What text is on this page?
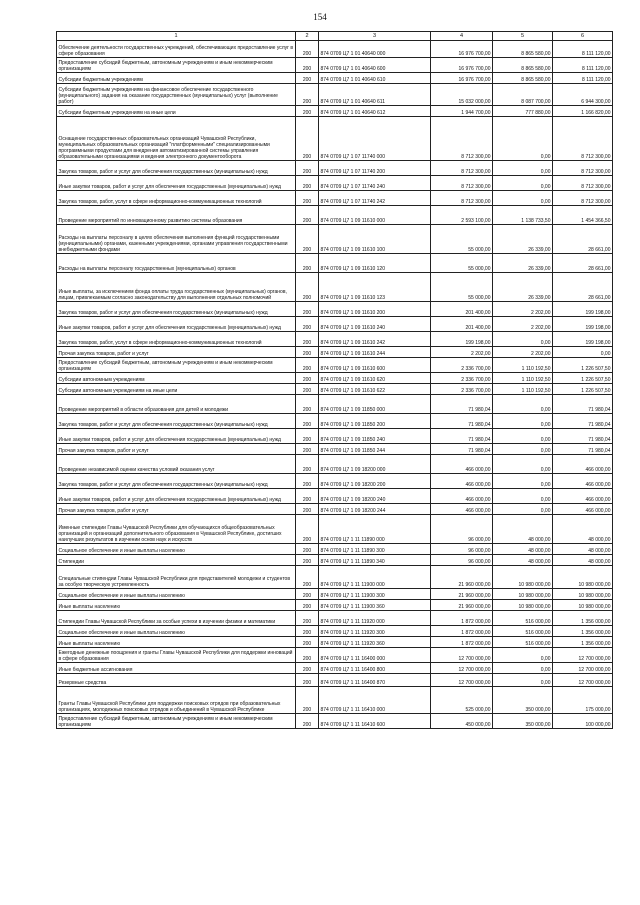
154
1	2	3	4	5	6
Обеспечение деятельности государственных учреждений, обеспечивающих предоставление услуг в сфере образования	200	874 0709 Ц7 1 01 40640 000	16 976 700,00	8 865 580,00	8 111 120,00
Предоставление субсидий бюджетным, автономным учреждениям и иным некоммерческим организациям	200	874 0709 Ц7 1 01 40640 600	16 976 700,00	8 865 580,00	8 111 120,00
Субсидии бюджетным учреждениям	200	874 0709 Ц7 1 01 40640 610	16 976 700,00	8 865 580,00	8 111 120,00
Субсидии бюджетным учреждениям на финансовое обеспечение государственного (муниципального) задания на оказание государственных (муниципальных) услуг (выполнение работ)	200	874 0709 Ц7 1 01 40640 611	15 032 000,00	8 087 700,00	6 944 300,00
Субсидии бюджетным учреждениям на иные цели	200	874 0709 Ц7 1 01 40640 612	1 944 700,00	777 880,00	1 166 820,00
Оснащение государственных образовательных организаций Чувашской Республики, муниципальных образовательных организаций "платформенными" специализированными программными продуктами для внедрения автоматизированной системы управления образовательными организациями и ведения электронного документооборота	200	874 0709 Ц7 1 07 11740 000	8 712 300,00	0,00	8 712 300,00
Закупка товаров, работ и услуг для обеспечения государственных (муниципальных) нужд	200	874 0709 Ц7 1 07 11740 200	8 712 300,00	0,00	8 712 300,00
Иные закупки товаров, работ и услуг для обеспечения государственных (муниципальных) нужд	200	874 0709 Ц7 1 07 11740 240	8 712 300,00	0,00	8 712 300,00
Закупка товаров, работ, услуг в сфере информационно-коммуникационных технологий	200	874 0709 Ц7 1 07 11740 242	8 712 300,00	0,00	8 712 300,00
Проведение мероприятий по инновационному развитию системы образования	200	874 0709 Ц7 1 09 11610 000	2 593 100,00	1 138 733,50	1 454 366,50
Расходы на выплаты персоналу в целях обеспечения выполнения функций государственными (муниципальными) органами, казенными учреждениями, органами управления государственными внебюджетными фондами	200	874 0709 Ц7 1 09 11610 100	55 000,00	26 339,00	28 661,00
Расходы на выплаты персоналу государственных (муниципальных) органов	200	874 0709 Ц7 1 09 11610 120	55 000,00	26 339,00	28 661,00
Иные выплаты, за исключением фонда оплаты труда государственных (муниципальных) органов, лицам, привлекаемым согласно законодательству для выполнения отдельных полномочий	200	874 0709 Ц7 1 09 11610 123	55 000,00	26 339,00	28 661,00
Закупка товаров, работ и услуг для обеспечения государственных (муниципальных) нужд	200	874 0709 Ц7 1 09 11610 200	201 400,00	2 202,00	199 198,00
Иные закупки товаров, работ и услуг для обеспечения государственных (муниципальных) нужд	200	874 0709 Ц7 1 09 11610 240	201 400,00	2 202,00	199 198,00
Закупка товаров, работ, услуг в сфере информационно-коммуникационных технологий	200	874 0709 Ц7 1 09 11610 242	199 198,00	0,00	199 198,00
Прочая закупка товаров, работ и услуг	200	874 0709 Ц7 1 09 11610 244	2 202,00	2 202,00	0,00
Предоставление субсидий бюджетным, автономным учреждениям и иным некоммерческим организациям	200	874 0709 Ц7 1 09 11610 600	2 336 700,00	1 110 192,50	1 226 507,50
Субсидии автономным учреждениям	200	874 0709 Ц7 1 09 11610 620	2 336 700,00	1 110 192,50	1 226 507,50
Субсидии автономным учреждениям на иные цели	200	874 0709 Ц7 1 09 11610 622	2 336 700,00	1 110 192,50	1 226 507,50
Проведение мероприятий в области образования для детей и молодежи	200	874 0709 Ц7 1 09 11850 000	71 980,04	0,00	71 980,04
Закупка товаров, работ и услуг для обеспечения государственных (муниципальных) нужд	200	874 0709 Ц7 1 09 11850 200	71 980,04	0,00	71 980,04
Иные закупки товаров, работ и услуг для обеспечения государственных (муниципальных) нужд	200	874 0709 Ц7 1 09 11850 240	71 980,04	0,00	71 980,04
Прочая закупка товаров, работ и услуг	200	874 0709 Ц7 1 09 11850 244	71 980,04	0,00	71 980,04
Проведение независимой оценки качества условий оказания услуг	200	874 0709 Ц7 1 09 18200 000	466 000,00	0,00	466 000,00
Закупка товаров, работ и услуг для обеспечения государственных (муниципальных) нужд	200	874 0709 Ц7 1 09 18200 200	466 000,00	0,00	466 000,00
Иные закупки товаров, работ и услуг для обеспечения государственных (муниципальных) нужд	200	874 0709 Ц7 1 09 18200 240	466 000,00	0,00	466 000,00
Прочая закупка товаров, работ и услуг	200	874 0709 Ц7 1 09 18200 244	466 000,00	0,00	466 000,00
Именные стипендии Главы Чувашской Республики для обучающихся общеобразовательных организаций и организаций дополнительного образования в Чувашской Республике, достигших наилучших результатов в изучении основ наук и искусств	200	874 0709 Ц7 1 11 11890 000	96 000,00	48 000,00	48 000,00
Социальное обеспечение и иные выплаты населению	200	874 0709 Ц7 1 11 11890 300	96 000,00	48 000,00	48 000,00
Стипендии	200	874 0709 Ц7 1 11 11890 340	96 000,00	48 000,00	48 000,00
Специальные стипендии Главы Чувашской Республики для представителей молодежи и студентов за особую творческую устремленность	200	874 0709 Ц7 1 11 11900 000	21 960 000,00	10 980 000,00	10 980 000,00
Социальное обеспечение и иные выплаты населению	200	874 0709 Ц7 1 11 11900 300	21 960 000,00	10 980 000,00	10 980 000,00
Иные выплаты населению	200	874 0709 Ц7 1 11 11900 360	21 960 000,00	10 980 000,00	10 980 000,00
Стипендии Главы Чувашской Республики за особые успехи в изучении физики и математики	200	874 0709 Ц7 1 11 11920 000	1 872 000,00	516 000,00	1 356 000,00
Социальное обеспечение и иные выплаты населению	200	874 0709 Ц7 1 11 11920 300	1 872 000,00	516 000,00	1 356 000,00
Иные выплаты населению	200	874 0709 Ц7 1 11 11920 360	1 872 000,00	516 000,00	1 356 000,00
Ежегодные денежные поощрения и гранты Главы Чувашской Республики для поддержки инноваций в сфере образования	200	874 0709 Ц7 1 11 16400 000	12 700 000,00	0,00	12 700 000,00
Иные бюджетные ассигнования	200	874 0709 Ц7 1 11 16400 800	12 700 000,00	0,00	12 700 000,00
Резервные средства	200	874 0709 Ц7 1 11 16400 870	12 700 000,00	0,00	12 700 000,00
Гранты Главы Чувашской Республики для поддержки поисковых отрядов при образовательных организациях, молодежных поисковых отрядов и объединений в Чувашской Республике	200	874 0709 Ц7 1 11 16410 000	525 000,00	350 000,00	175 000,00
Предоставление субсидий бюджетным, автономным учреждениям и иным некоммерческим организациям	200	874 0709 Ц7 1 11 16410 600	450 000,00	350 000,00	100 000,00
